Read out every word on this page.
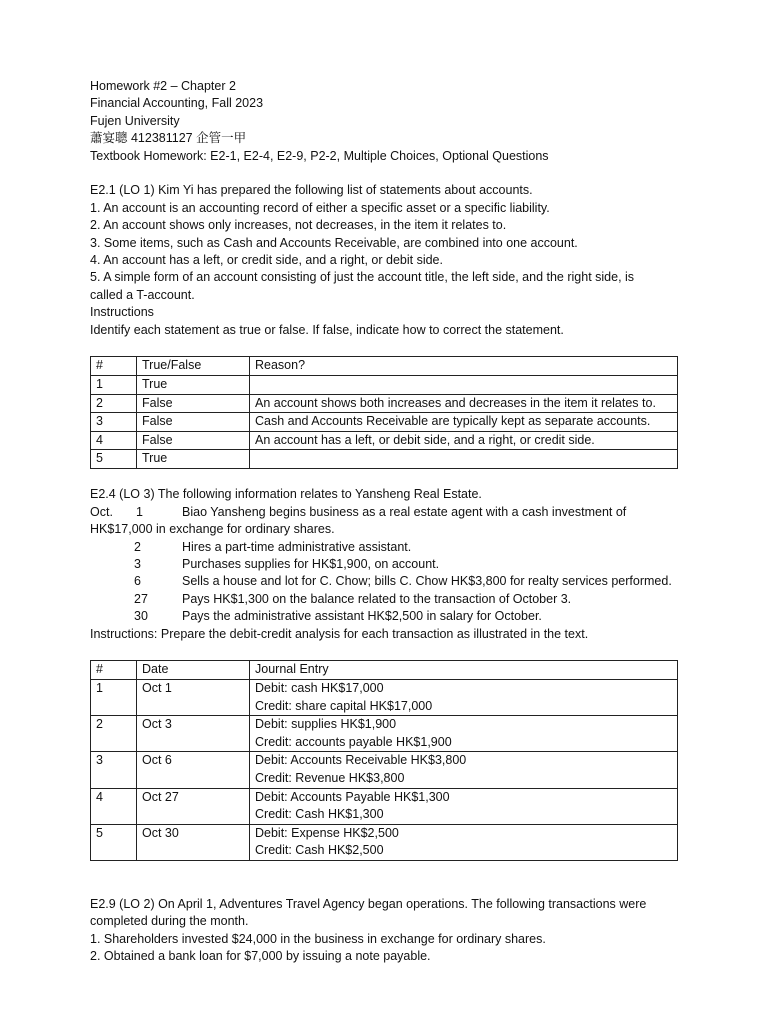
Homework #2 – Chapter 2
Financial Accounting, Fall 2023
Fujen University
蕭宴聰 412381127 企管一甲
Textbook Homework: E2-1, E2-4, E2-9, P2-2, Multiple Choices, Optional Questions
E2.1 (LO 1) Kim Yi has prepared the following list of statements about accounts.
1. An account is an accounting record of either a specific asset or a specific liability.
2. An account shows only increases, not decreases, in the item it relates to.
3. Some items, such as Cash and Accounts Receivable, are combined into one account.
4. An account has a left, or credit side, and a right, or debit side.
5. A simple form of an account consisting of just the account title, the left side, and the right side, is
called a T-account.
Instructions
Identify each statement as true or false. If false, indicate how to correct the statement.
#	True/False	Reason?
1	True	
2	False	An account shows both increases and decreases in the item it relates to.
3	False	Cash and Accounts Receivable are typically kept as separate accounts.
4	False	An account has a left, or debit side, and a right, or credit side.
5	True	
E2.4 (LO 3) The following information relates to Yansheng Real Estate.
Oct.	1	Biao Yansheng begins business as a real estate agent with a cash investment of
HK$17,000 in exchange for ordinary shares.
2	Hires a part-time administrative assistant.
3	Purchases supplies for HK$1,900, on account.
6	Sells a house and lot for C. Chow; bills C. Chow HK$3,800 for realty services performed.
27	Pays HK$1,300 on the balance related to the transaction of October 3.
30	Pays the administrative assistant HK$2,500 in salary for October.
Instructions: Prepare the debit-credit analysis for each transaction as illustrated in the text.
#	Date	Journal Entry
1	Oct 1	Debit: cash HK$17,000
Credit: share capital HK$17,000

2	Oct 3	Debit: supplies HK$1,900
Credit: accounts payable HK$1,900

3	Oct 6	Debit: Accounts Receivable HK$3,800
Credit: Revenue HK$3,800

4	Oct 27	Debit: Accounts Payable HK$1,300
Credit: Cash HK$1,300

5	Oct 30	Debit: Expense HK$2,500
Credit: Cash HK$2,500
E2.9 (LO 2) On April 1, Adventures Travel Agency began operations. The following transactions were
completed during the month.
1. Shareholders invested $24,000 in the business in exchange for ordinary shares.
2. Obtained a bank loan for $7,000 by issuing a note payable.
